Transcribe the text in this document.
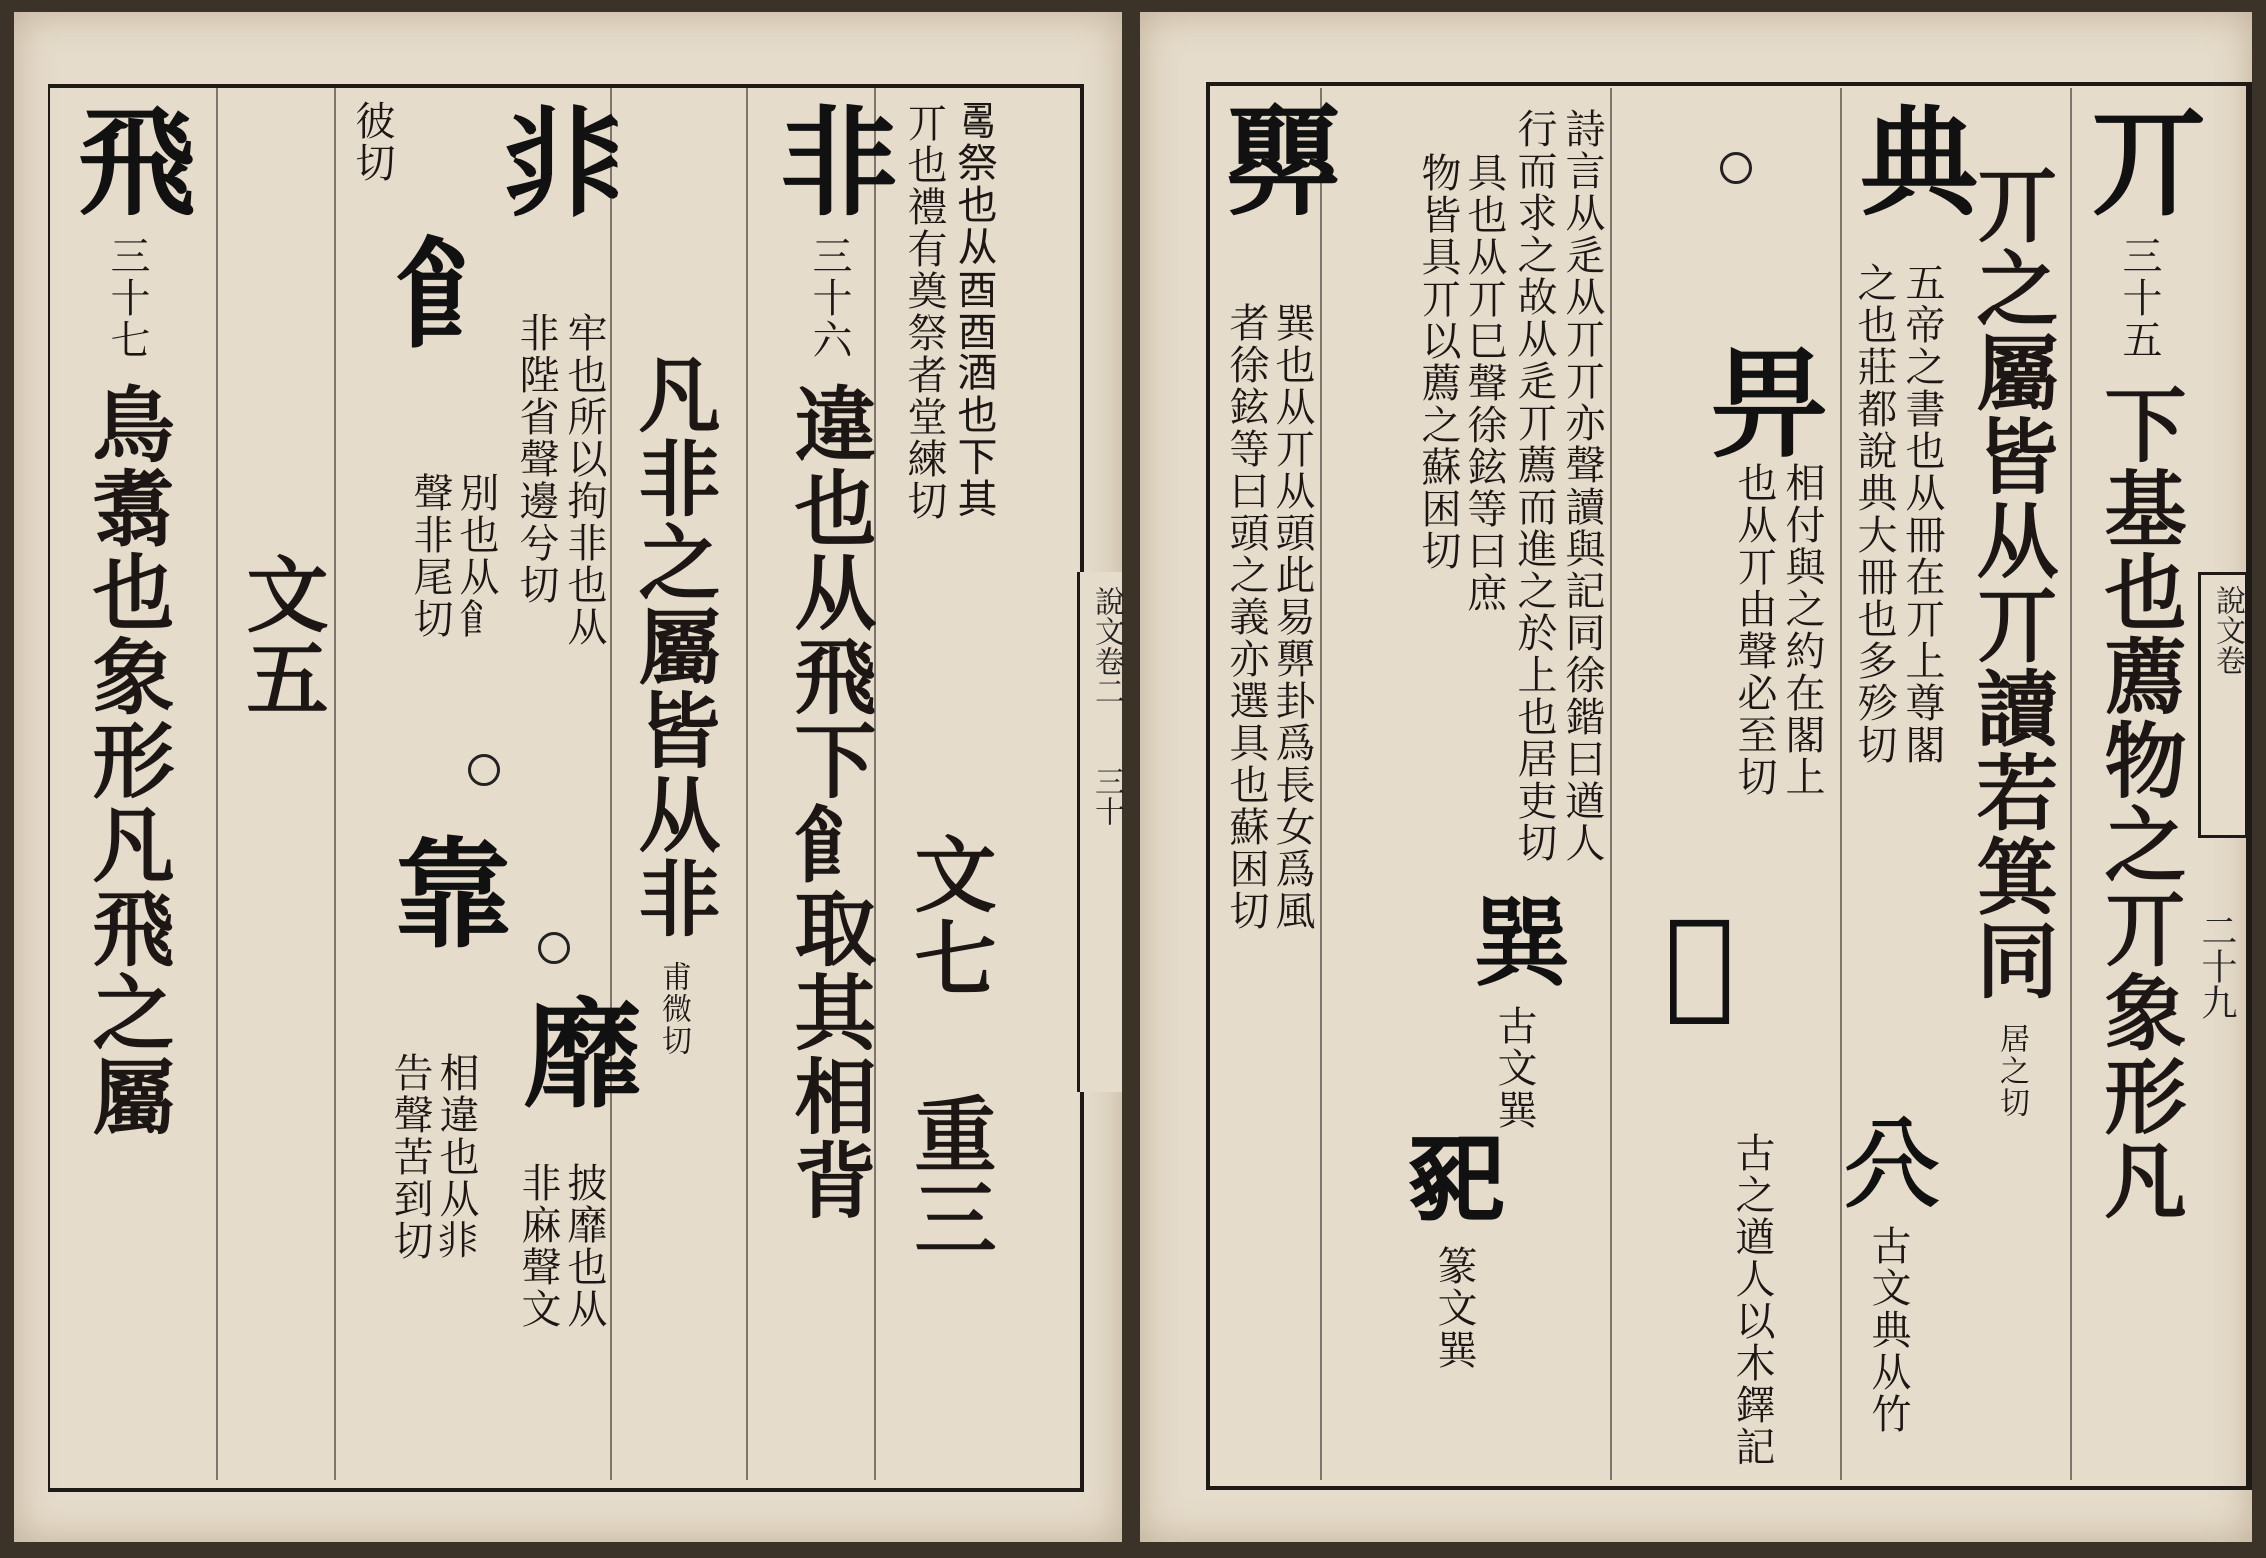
說文卷二
三十
飛 三十七 鳥翥也象形凡飛之屬 文五
彼切
𩙿
別也从𩙿
聲非尾切
𩇨
牢也所以拘非也从
非陛省聲邊兮切
靠
相違也从𩇨
告聲苦到切
靡
披靡也从
非麻聲文
凡非之屬皆从非 甫微切
非 三十六 違也从飛下𩙿取其相背
𠷎祭也从酉酉酒也下其
丌也禮有奠祭者堂練切
文七
重三
說文卷
二十九
丌 三十五 下基也薦物之丌象形凡
丌之屬皆从丌讀若箕同 居之切
典
五帝之書也从冊在丌上尊閣
之也莊都說典大冊也多殄切
𠔁 古文典从竹
畀
相付與之約在閣上
也从丌由聲必至切
𠀜
古之遒人以木鐸記
詩言从辵从丌丌亦聲讀與記同徐鍇曰遒人
行而求之故从辵丌薦而進之於上也居吏切
具也从丌巳聲徐鉉等曰庶
物皆具丌以薦之蘇困切
巽 古文巽
𢁁 篆文巽
顨
巽也从丌从頭此易顨卦爲長女爲風
者徐鉉等曰頭之義亦選具也蘇困切
